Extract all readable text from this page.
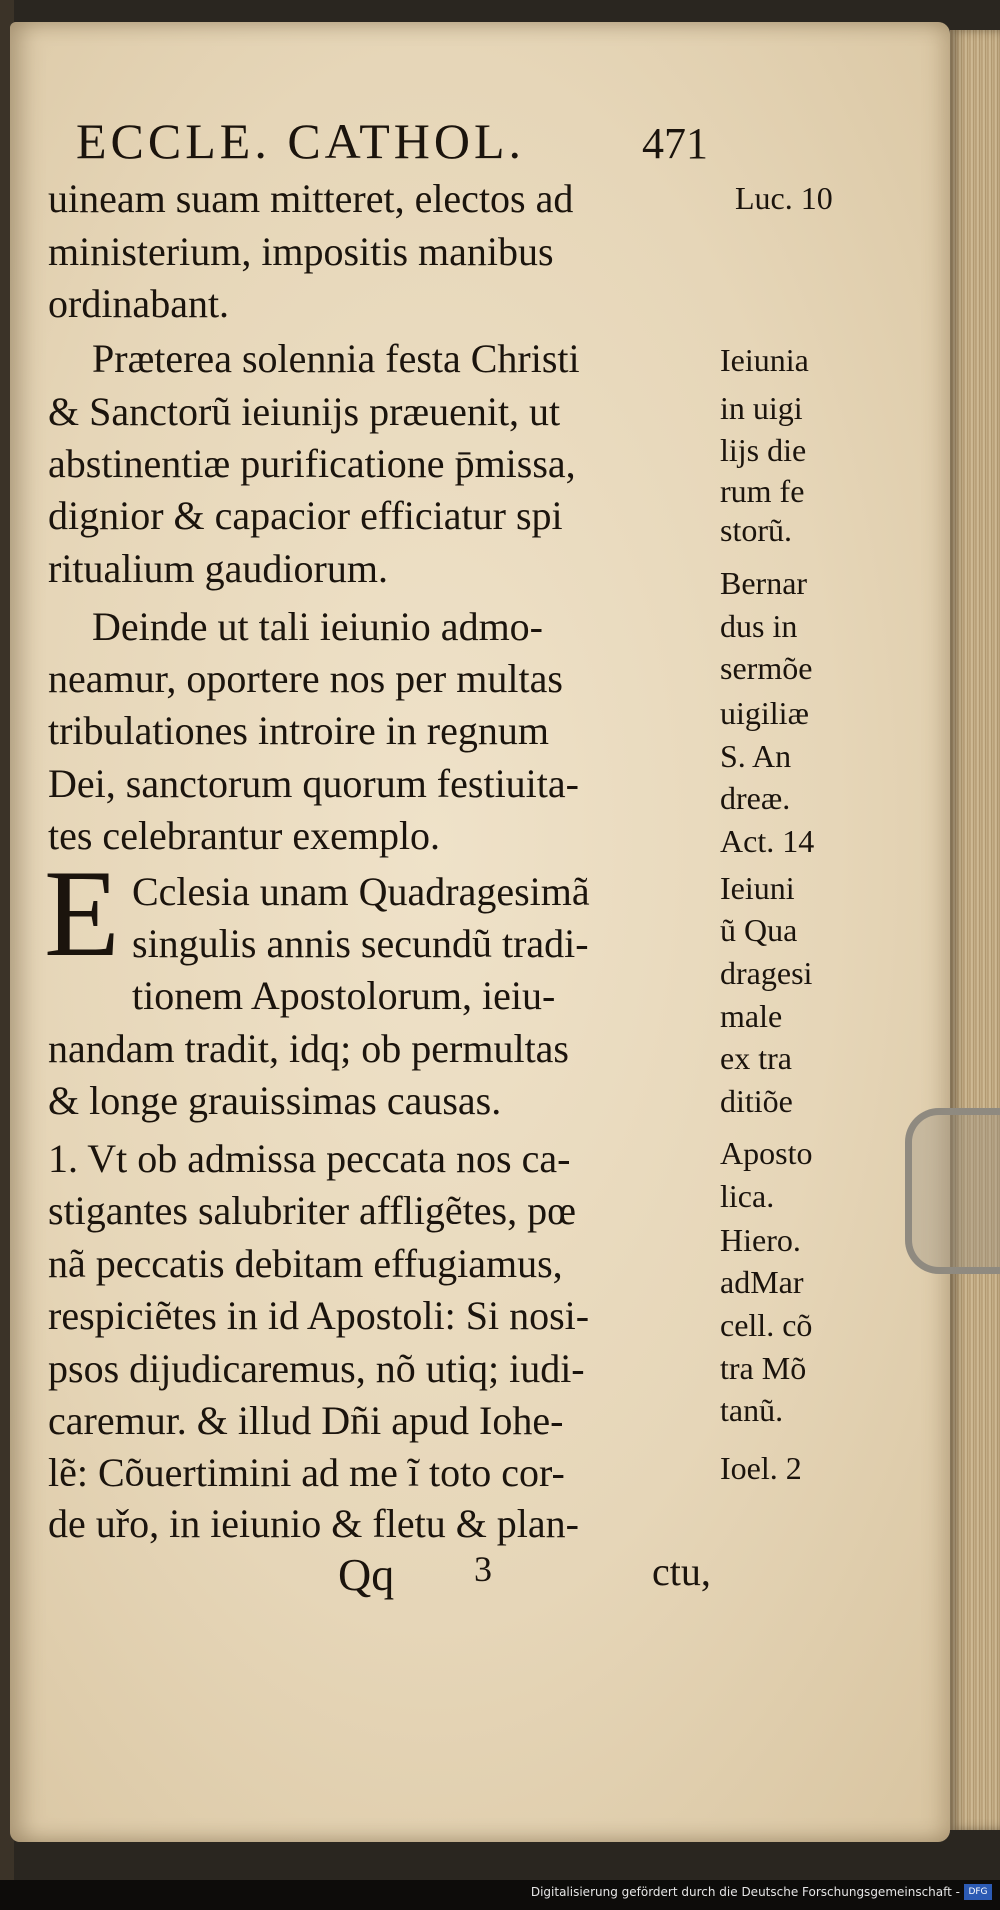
ECCLE. CATHOL.	471
uineam suam mitteret, electos ad
ministerium, impositis manibus
ordinabant.
Præterea solennia festa Christi
& Sanctorũ ieiunijs præuenit, ut
abstinentiæ purificatione p̄missa,
dignior & capacior efficiatur spi
ritualium gaudiorum.
Deinde ut tali ieiunio admo-
neamur, oportere nos per multas
tribulationes introire in regnum
Dei, sanctorum quorum festiuita-
tes celebrantur exemplo.
E Cclesia unam Quadragesimã
singulis annis secundũ tradi-
tionem Apostolorum, ieiu-
nandam tradit, idq; ob permultas
& longe grauissimas causas.
1. Vt ob admissa peccata nos ca-
stigantes salubriter affligẽtes, pœ
nã peccatis debitam effugiamus,
respiciẽtes in id Apostoli: Si nosi-
psos dijudicaremus, nõ utiq; iudi-
caremur. & illud Dñi apud Iohe-
lẽ: Cõuertimini ad me ĩ toto cor-
de uřo, in ieiunio & fletu & plan-
Luc. 10
Ieiunia
in uigi
lijs die
rum fe
storũ.
Bernar
dus in
sermõe
uigiliæ
S. An
dreæ.
Act. 14
Ieiuni
ũ Qua
dragesi
male
ex tra
ditiõe
Aposto
lica.
Hiero.
adMar
cell. cõ
tra Mõ
tanũ.
Ioel. 2
Qq 3	ctu,
Digitalisierung gefördert durch die Deutsche Forschungsgemeinschaft - DFG
